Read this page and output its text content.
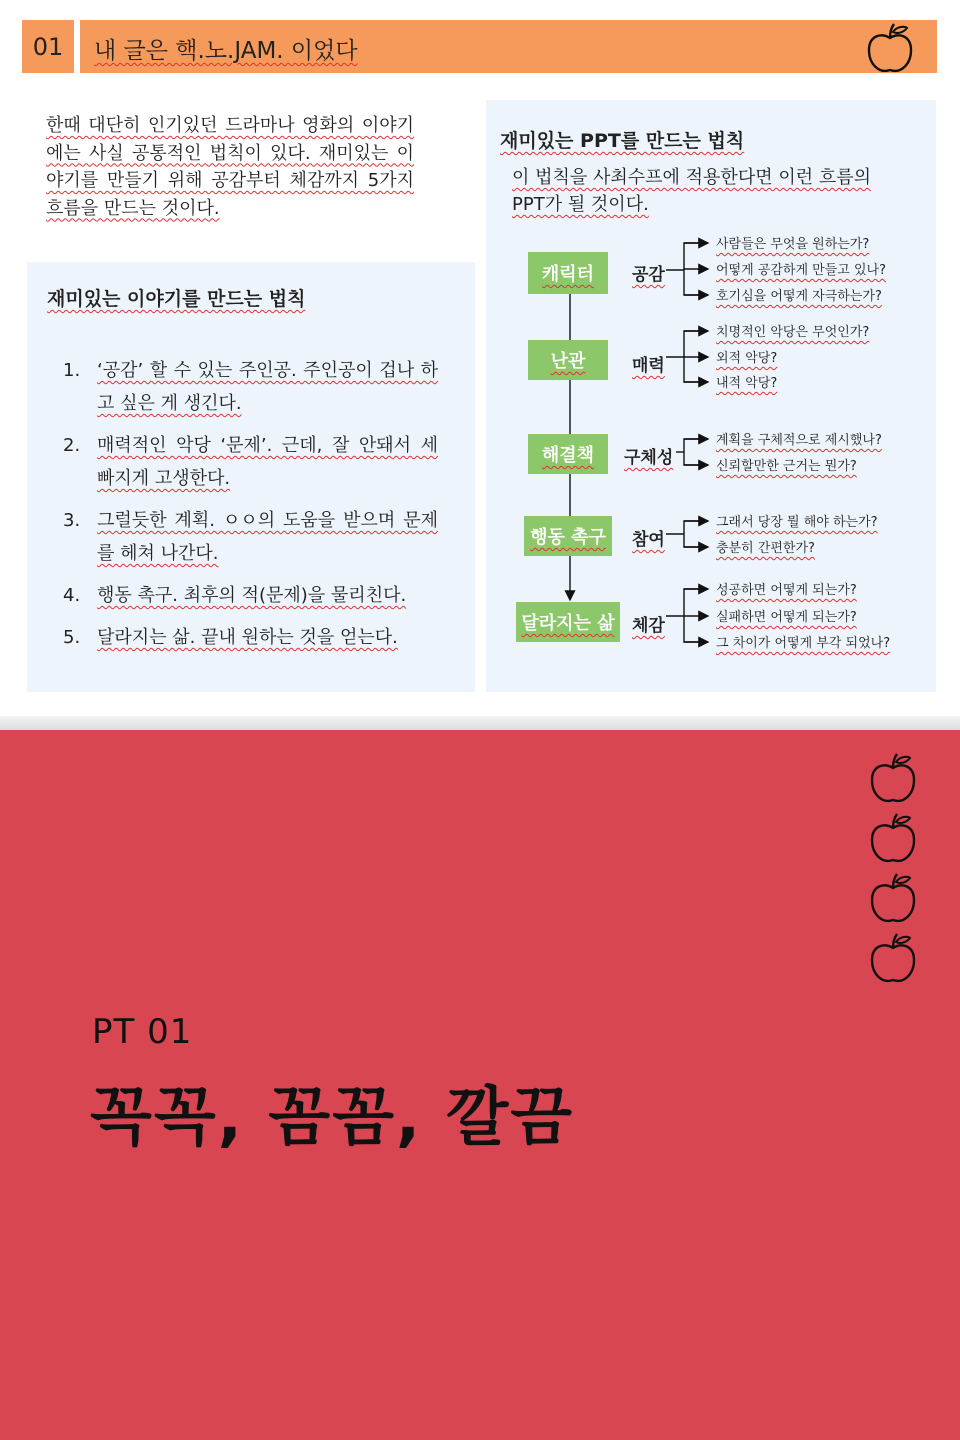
01 내 글은 핵.노.JAM. 이었다

한때 대단히 인기있던 드라마나 영화의 이야기에는 사실 공통적인 법칙이 있다. 재미있는 이야기를 만들기 위해 공감부터 체감까지 5가지 흐름을 만드는 것이다.

재미있는 이야기를 만드는 법칙
1. ‘공감’ 할 수 있는 주인공. 주인공이 겁나 하고 싶은 게 생긴다.
2. 매력적인 악당 ‘문제’. 근데, 잘 안돼서 세 빠지게 고생한다.
3. 그럴듯한 계획. ㅇㅇ의 도움을 받으며 문제를 헤쳐 나간다.
4. 행동 촉구. 최후의 적(문제)을 물리친다.
5. 달라지는 삶. 끝내 원하는 것을 얻는다.
재미있는 PPT를 만드는 법칙

이 법칙을 사최수프에 적용한다면 이런 흐름의 PPT가 될 것이다.

캐릭터 공감
사람들은 무엇을 원하는가?
어떻게 공감하게 만들고 있나?
호기심을 어떻게 자극하는가?
난관	매력
치명적인 악당은 무엇인가?
외적 악당?
내적 악당?
해결책 구체성
계획을 구체적으로 제시했나?
신뢰할만한 근거는 뭔가?
행동 촉구 참여
그래서 당장 뭘 해야 하는가?
충분히 간편한가?
달라지는 삶 체감
성공하면 어떻게 되는가?
실패하면 어떻게 되는가?
그 차이가 어떻게 부각 되었나?
PT 01
꼭꼭, 꼼꼼, 깔끔
